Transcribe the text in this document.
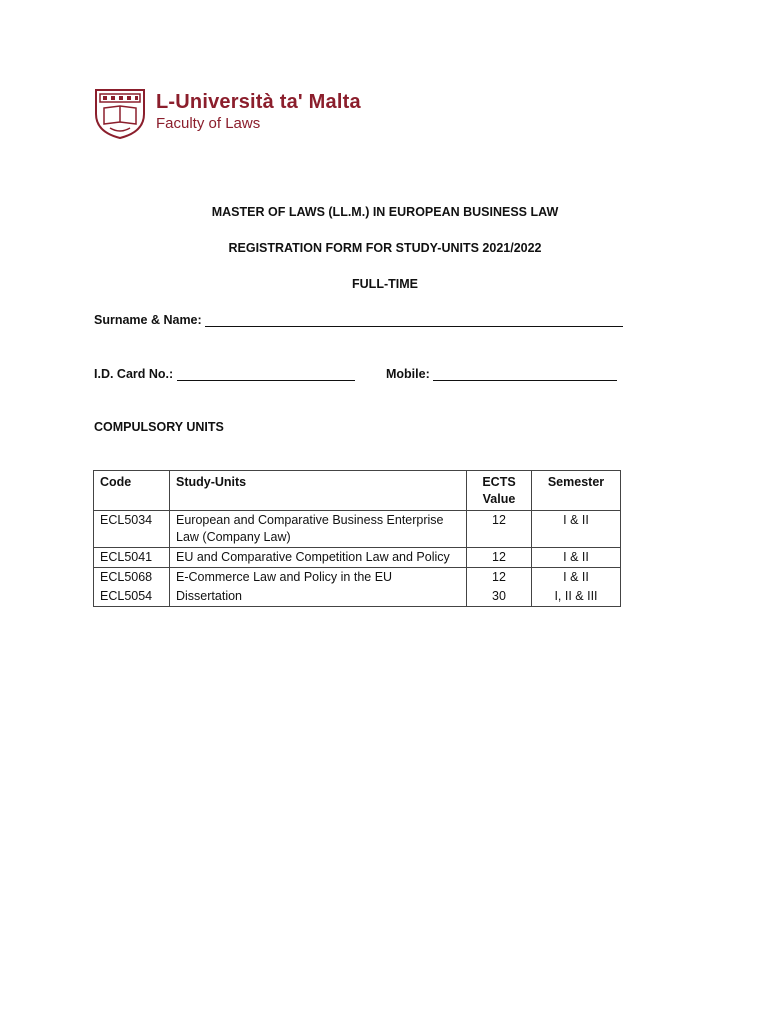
L-Università ta' Malta
Faculty of Laws
MASTER OF LAWS (LL.M.) IN EUROPEAN BUSINESS LAW
REGISTRATION FORM FOR STUDY-UNITS 2021/2022
FULL-TIME
Surname & Name:
I.D. Card No.:	Mobile:
COMPULSORY UNITS
Code	Study-Units	ECTS Value	Semester
ECL5034	European and Comparative Business Enterprise Law (Company Law)	12	I & II
ECL5041	EU and Comparative Competition Law and Policy	12	I & II
ECL5068	E-Commerce Law and Policy in the EU	12	I & II
ECL5054	Dissertation	30	I, II & III
